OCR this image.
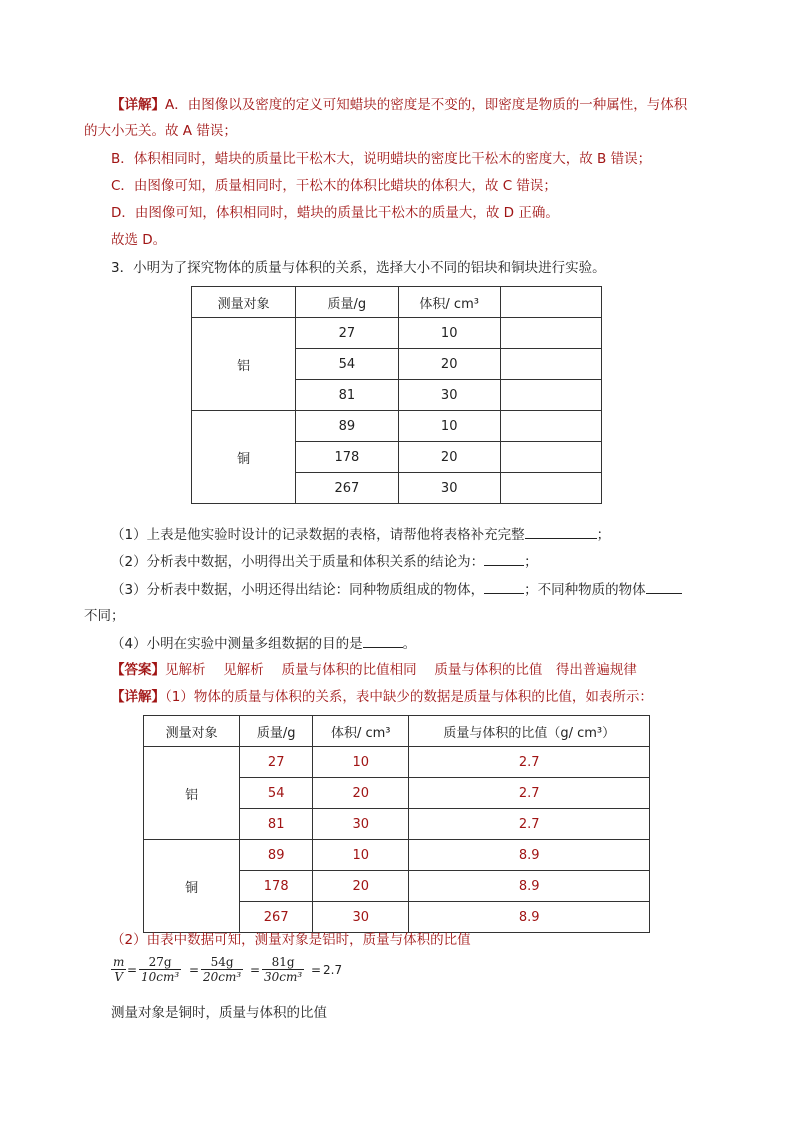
【详解】A．由图像以及密度的定义可知蜡块的密度是不变的，即密度是物质的一种属性，与体积
的大小无关。故 A 错误；
B．体积相同时，蜡块的质量比干松木大，说明蜡块的密度比干松木的密度大，故 B 错误；
C．由图像可知，质量相同时，干松木的体积比蜡块的体积大，故 C 错误；
D．由图像可知，体积相同时，蜡块的质量比干松木的质量大，故 D 正确。
故选 D。
3．小明为了探究物体的质量与体积的关系，选择大小不同的铝块和铜块进行实验。
测量对象	质量/g	体积/ cm³	
铝	27	10	
	54	20	
	81	30	
铜	89	10	
	178	20	
	267	30	
（1）上表是他实验时设计的记录数据的表格，请帮他将表格补充完整	；
（2）分析表中数据，小明得出关于质量和体积关系的结论为：	；
（3）分析表中数据，小明还得出结论：同种物质组成的物体，	；不同种物质的物体
不同；
（4）小明在实验中测量多组数据的目的是	。
【答案】见解析　 见解析　 质量与体积的比值相同　 质量与体积的比值　得出普遍规律
【详解】（1）物体的质量与体积的关系，表中缺少的数据是质量与体积的比值，如表所示：
测量对象	质量/g	体积/ cm³	质量与体积的比值（g/ cm³）
铝	27	10	2.7
	54	20	2.7
	81	30	2.7
铜	89	10	8.9
	178	20	8.9
	267	30	8.9
（2）由表中数据可知，测量对象是铝时，质量与体积的比值
$\frac{m}{V} = \frac{27g}{\text{10cm³}} = \frac{54g}{\text{20cm³}} = \frac{81g}{\text{30cm³}} = 2.7$
测量对象是铜时，质量与体积的比值
